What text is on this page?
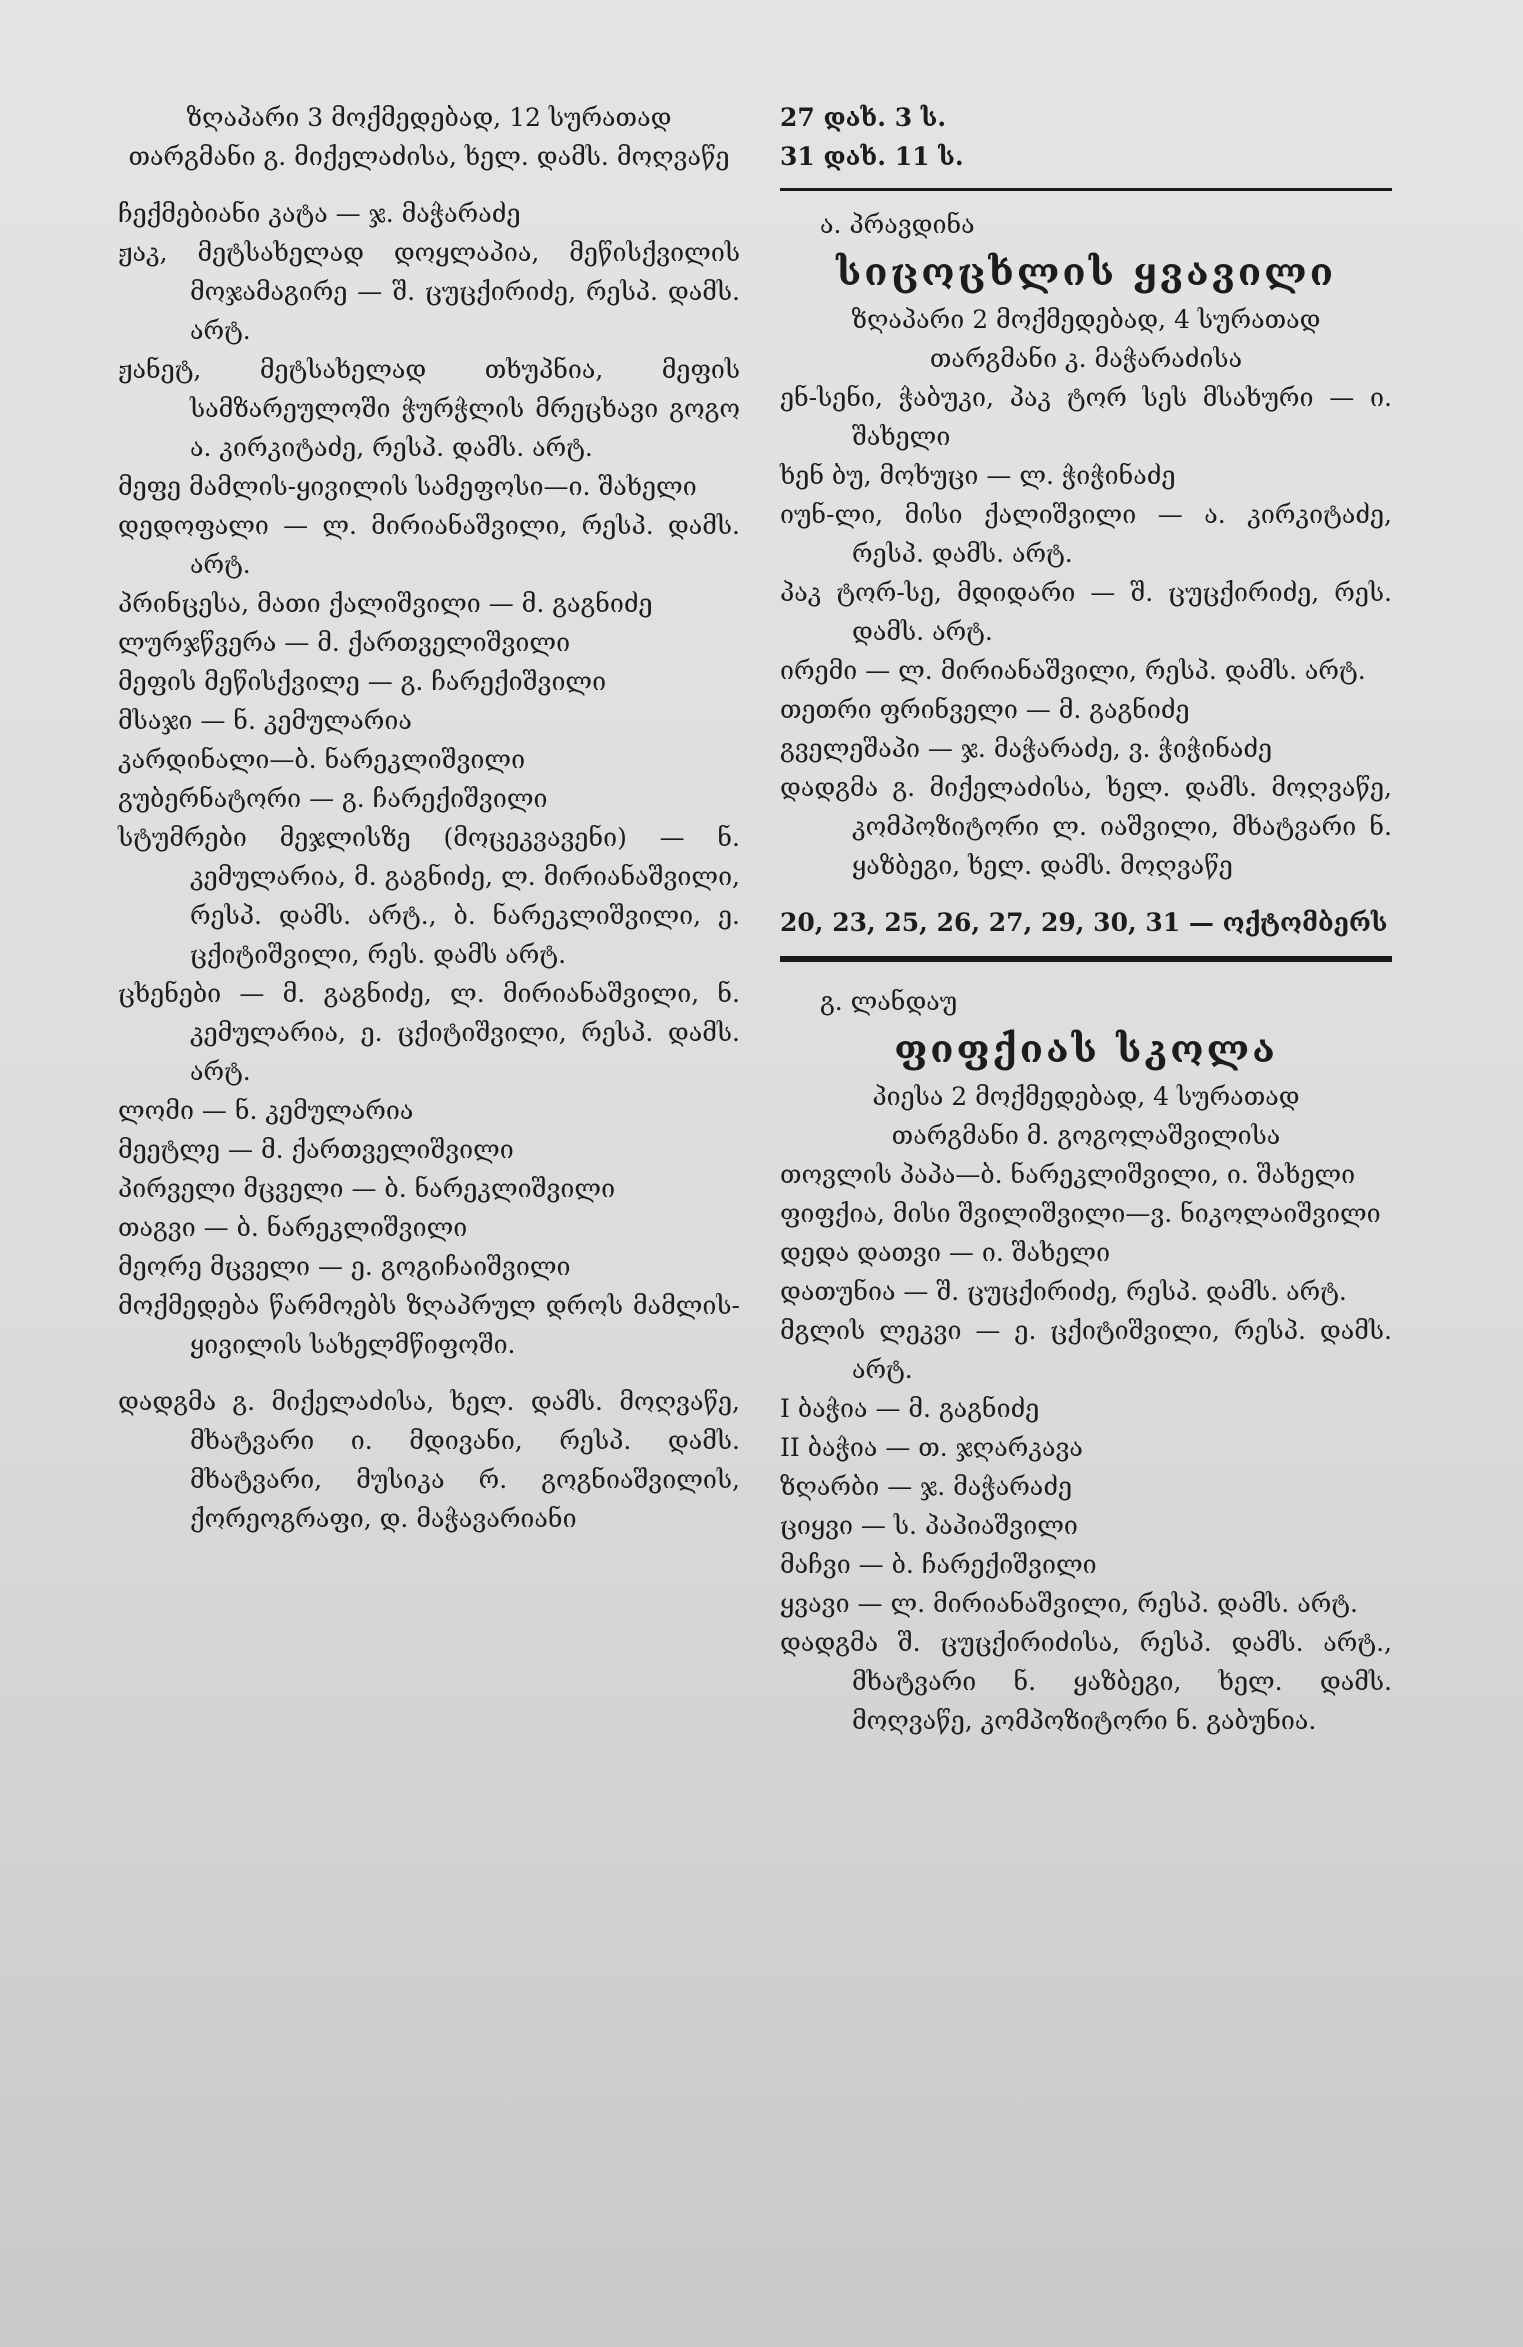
ზღაპარი 3 მოქმედებად, 12 სურათად

თარგმანი გ. მიქელაძისა, ხელ. დამს. მოღვაწე

ჩექმებიანი კატა — ჯ. მაჭარაძე

ჟაკ, მეტსახელად დოყლაპია, მეწისქვილის მოჯამაგირე — შ. ცუცქირიძე, რესპ. დამს. არტ.

ჟანეტ, მეტსახელად თხუპნია, მეფის სამზარეულოში ჭურჭლის მრეცხავი გოგო ა. კირკიტაძე, რესპ. დამს. არტ.

მეფე მამლის-ყივილის სამეფოსი—ი. შახელი

დედოფალი — ლ. მირიანაშვილი, რესპ. დამს. არტ.

პრინცესა, მათი ქალიშვილი — მ. გაგნიძე

ლურჯწვერა — მ. ქართველიშვილი

მეფის მეწისქვილე — გ. ჩარექიშვილი

მსაჯი — ნ. კემულარია

კარდინალი—ბ. ნარეკლიშვილი

გუბერნატორი — გ. ჩარექიშვილი

სტუმრები მეჯლისზე (მოცეკვავენი) — ნ. კემულარია, მ. გაგნიძე, ლ. მირიანაშვილი, რესპ. დამს. არტ., ბ. ნარეკლიშვილი, ე. ცქიტიშვილი, რეს. დამს არტ.

ცხენები — მ. გაგნიძე, ლ. მირიანაშვილი, ნ. კემულარია, ე. ცქიტიშვილი, რესპ. დამს. არტ.

ლომი — ნ. კემულარია

მეეტლე — მ. ქართველიშვილი

პირველი მცველი — ბ. ნარეკლიშვილი

თაგვი — ბ. ნარეკლიშვილი

მეორე მცველი — ე. გოგიჩაიშვილი

მოქმედება წარმოებს ზღაპრულ დროს მამლის-ყივილის სახელმწიფოში.

დადგმა გ. მიქელაძისა, ხელ. დამს. მოღვაწე, მხატვარი ი. მდივანი, რესპ. დამს. მხატვარი, მუსიკა რ. გოგნიაშვილის, ქორეოგრაფი, დ. მაჭავარიანი

27 დახ. 3 ს.

31 დახ. 11 ს.

ა. პრავდინა

სიცოცხლის ყვავილი

ზღაპარი 2 მოქმედებად, 4 სურათად

თარგმანი კ. მაჭარაძისა

ენ-სენი, ჭაბუკი, პაკ ტორ სეს მსახური — ი. შახელი

ხენ ბუ, მოხუცი — ლ. ჭიჭინაძე

იუნ-ლი, მისი ქალიშვილი — ა. კირკიტაძე, რესპ. დამს. არტ.

პაკ ტორ-სე, მდიდარი — შ. ცუცქირიძე, რეს. დამს. არტ.

ირემი — ლ. მირიანაშვილი, რესპ. დამს. არტ.

თეთრი ფრინველი — მ. გაგნიძე

გველეშაპი — ჯ. მაჭარაძე, ვ. ჭიჭინაძე

დადგმა გ. მიქელაძისა, ხელ. დამს. მოღვაწე, კომპოზიტორი ლ. იაშვილი, მხატვარი ნ. ყაზბეგი, ხელ. დამს. მოღვაწე

20, 23, 25, 26, 27, 29, 30, 31 — ოქტომბერს

გ. ლანდაუ

ფიფქიას სკოლა

პიესა 2 მოქმედებად, 4 სურათად

თარგმანი მ. გოგოლაშვილისა

თოვლის პაპა—ბ. ნარეკლიშვილი, ი. შახელი

ფიფქია, მისი შვილიშვილი—ვ. ნიკოლაიშვილი

დედა დათვი — ი. შახელი

დათუნია — შ. ცუცქირიძე, რესპ. დამს. არტ.

მგლის ლეკვი — ე. ცქიტიშვილი, რესპ. დამს. არტ.

I ბაჭია — მ. გაგნიძე

II ბაჭია — თ. ჯღარკავა

ზღარბი — ჯ. მაჭარაძე

ციყვი — ს. პაპიაშვილი

მაჩვი — ბ. ჩარექიშვილი

ყვავი — ლ. მირიანაშვილი, რესპ. დამს. არტ.

დადგმა შ. ცუცქირიძისა, რესპ. დამს. არტ., მხატვარი ნ. ყაზბეგი, ხელ. დამს. მოღვაწე, კომპოზიტორი ნ. გაბუნია.
